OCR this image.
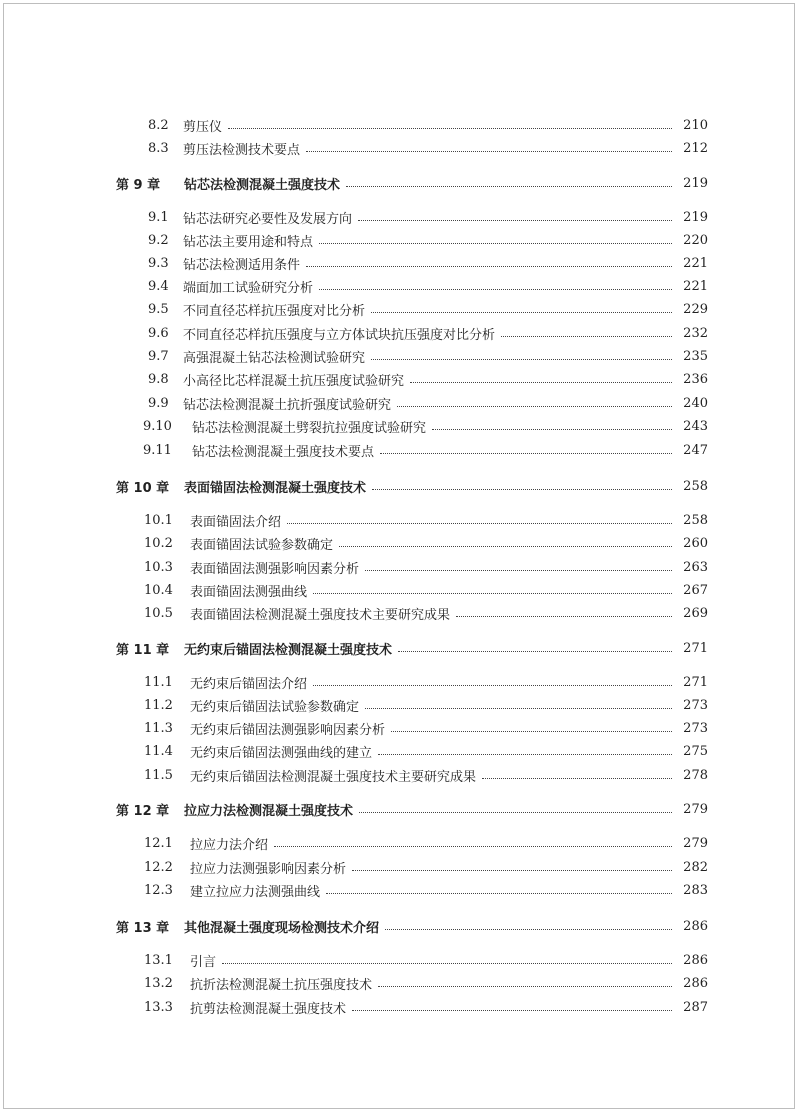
8.2	剪压仪	210
8.3	剪压法检测技术要点	212
第 9 章	钻芯法检测混凝土强度技术	219
9.1	钻芯法研究必要性及发展方向	219
9.2	钻芯法主要用途和特点	220
9.3	钻芯法检测适用条件	221
9.4	端面加工试验研究分析	221
9.5	不同直径芯样抗压强度对比分析	229
9.6	不同直径芯样抗压强度与立方体试块抗压强度对比分析	232
9.7	高强混凝土钻芯法检测试验研究	235
9.8	小高径比芯样混凝土抗压强度试验研究	236
9.9	钻芯法检测混凝土抗折强度试验研究	240
9.10	钻芯法检测混凝土劈裂抗拉强度试验研究	243
9.11	钻芯法检测混凝土强度技术要点	247
第 10 章	表面锚固法检测混凝土强度技术	258
10.1	表面锚固法介绍	258
10.2	表面锚固法试验参数确定	260
10.3	表面锚固法测强影响因素分析	263
10.4	表面锚固法测强曲线	267
10.5	表面锚固法检测混凝土强度技术主要研究成果	269
第 11 章	无约束后锚固法检测混凝土强度技术	271
11.1	无约束后锚固法介绍	271
11.2	无约束后锚固法试验参数确定	273
11.3	无约束后锚固法测强影响因素分析	273
11.4	无约束后锚固法测强曲线的建立	275
11.5	无约束后锚固法检测混凝土强度技术主要研究成果	278
第 12 章	拉应力法检测混凝土强度技术	279
12.1	拉应力法介绍	279
12.2	拉应力法测强影响因素分析	282
12.3	建立拉应力法测强曲线	283
第 13 章	其他混凝土强度现场检测技术介绍	286
13.1	引言	286
13.2	抗折法检测混凝土抗压强度技术	286
13.3	抗剪法检测混凝土强度技术	287
